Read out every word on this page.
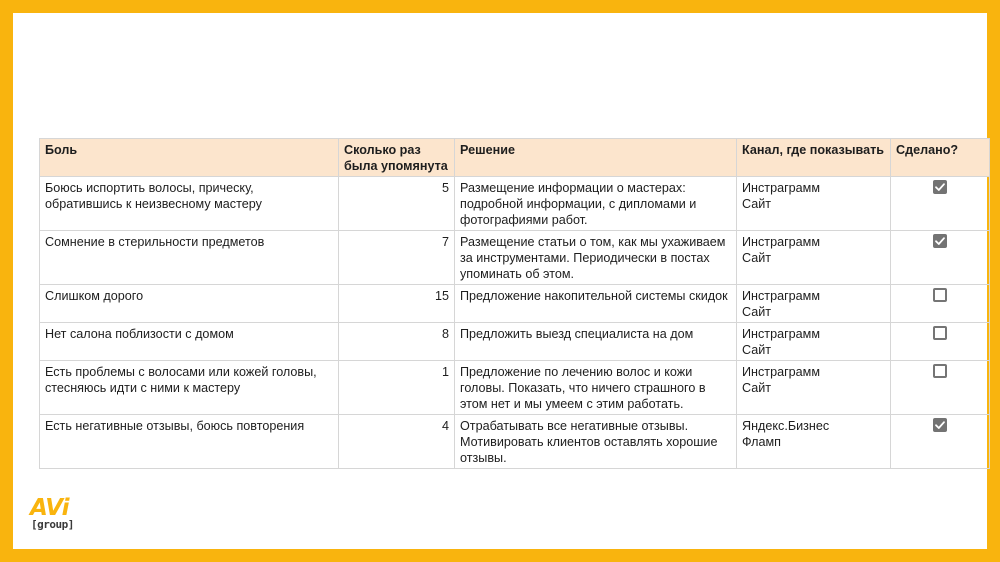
Боль	Сколько раз была упомянута	Решение	Канал, где показывать	Сделано?
Боюсь испортить волосы, прическу, обратившись к неизвесному мастеру	5	Размещение информации о мастерах: подробной информации, с дипломами и фотографиями работ.	Инстраграмм
Сайт

Сомнение в стерильности предметов	7	Размещение статьи о том, как мы ухаживаем за инструментами. Периодически в постах упоминать об этом.	Инстраграмм
Сайт

Слишком дорого	15	Предложение накопительной системы скидок	Инстраграмм
Сайт	

Нет салона поблизости с домом	8	Предложить выезд специалиста на дом	Инстраграмм
Сайт	

Есть проблемы с волосами или кожей головы, стесняюсь идти с ними к мастеру	1	Предложение по лечению волос и кожи головы. Показать, что ничего страшного в этом нет и мы умеем с этим работать.	Инстраграмм
Сайт	

Есть негативные отзывы, боюсь повторения	4	Отрабатывать все негативные отзывы. Мотивировать клиентов оставлять хорошие отзывы.	Яндекс.Бизнес
Фламп

AVi
[group]
